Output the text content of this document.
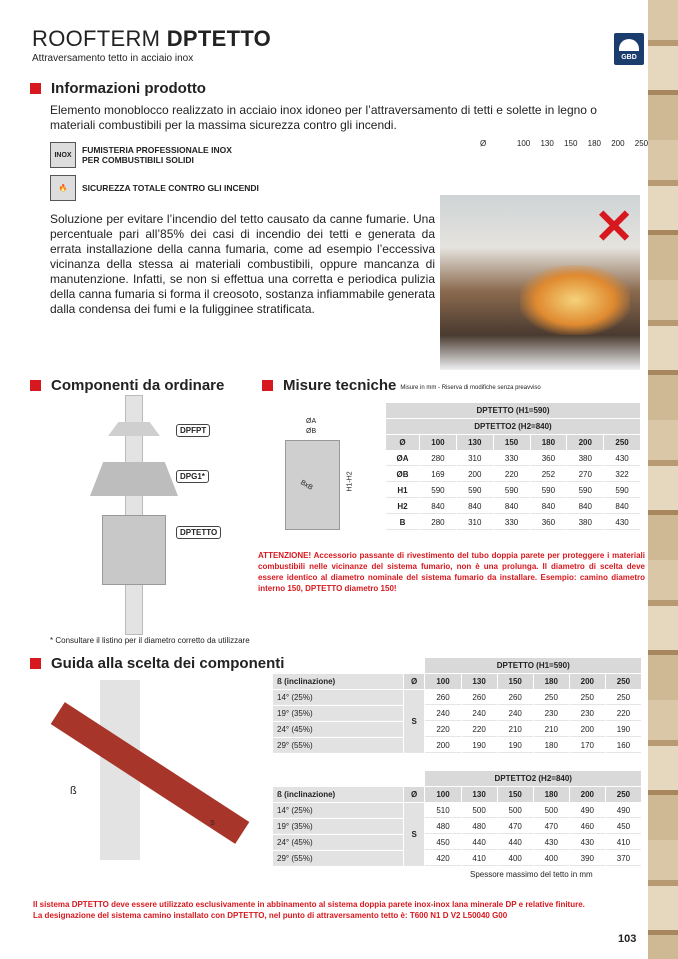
ROOFTERM DPTETTO
Attraversamento tetto in acciaio inox	GBD
Informazioni prodotto
Elemento monoblocco realizzato in acciaio inox idoneo per l’attraversamento di tetti e solette in legno o materiali combustibili per la massima sicurezza contro gli incendi.
Ø	100 130 150 180 200 250
INOX	FUMISTERIA PROFESSIONALE INOX
PER COMBUSTIBILI SOLIDI
🔥	SICUREZZA TOTALE CONTRO GLI INCENDI
Soluzione per evitare l’incendio del tetto causato da canne fumarie. Una percentuale pari all’85% dei casi di incendio dei tetti e generata da errata installazione della canna fumaria, come ad esempio l’eccessiva vicinanza della stessa ai materiali combustibili, oppure mancanza di manutenzione. Infatti, se non si effettua una corretta e periodica pulizia della canna fumaria si forma il creosoto, sostanza infiammabile generata dalla condensa dei fumi e la fuligginee stratificata.
✕
Componenti da ordinare
DPFPT
DPG1*
DPTETTO
* Consultare il listino per il diametro corretto da utilizzare
Misure tecniche Misure in mm - Riserva di modifiche senza preavviso
ØA
ØB
BxB	H1-H2
DPTETTO (H1=590)						
DPTETTO2 (H2=840)						
Ø	100	130	150	180	200	250
ØA	280	310	330	360	380	430
ØB	169	200	220	252	270	322
H1	590	590	590	590	590	590
H2	840	840	840	840	840	840
B	280	310	330	360	380	430
ATTENZIONE! Accessorio passante di rivestimento del tubo doppia parete per proteggere i materiali combustibili nelle vicinanze del sistema fumario, non è una prolunga. Il diametro di scelta deve essere identico al diametro nominale del sistema fumario da installare. Esempio: camino diametro interno 150, DPTETTO diametro 150!
Guida alla scelta dei componenti
ß
S
		DPTETTO (H1=590)					
ß (inclinazione)	Ø	100	130	150	180	200	250
14° (25%)	S	260	260	260	250	250	250
19° (35%)		240	240	240	230	230	220
24° (45%)		220	220	210	210	200	190
29° (55%)		200	190	190	180	170	160
		DPTETTO2 (H2=840)					
ß (inclinazione)	Ø	100	130	150	180	200	250
14° (25%)	S	510	500	500	500	490	490
19° (35%)		480	480	470	470	460	450
24° (45%)		450	440	440	430	430	410
29° (55%)		420	410	400	400	390	370
Spessore massimo del tetto in mm
Il sistema DPTETTO deve essere utilizzato esclusivamente in abbinamento al sistema doppia parete inox-inox lana minerale DP e relative finiture.
La designazione del sistema camino installato con DPTETTO, nel punto di attraversamento tetto è: T600 N1 D V2 L50040 G00
103
